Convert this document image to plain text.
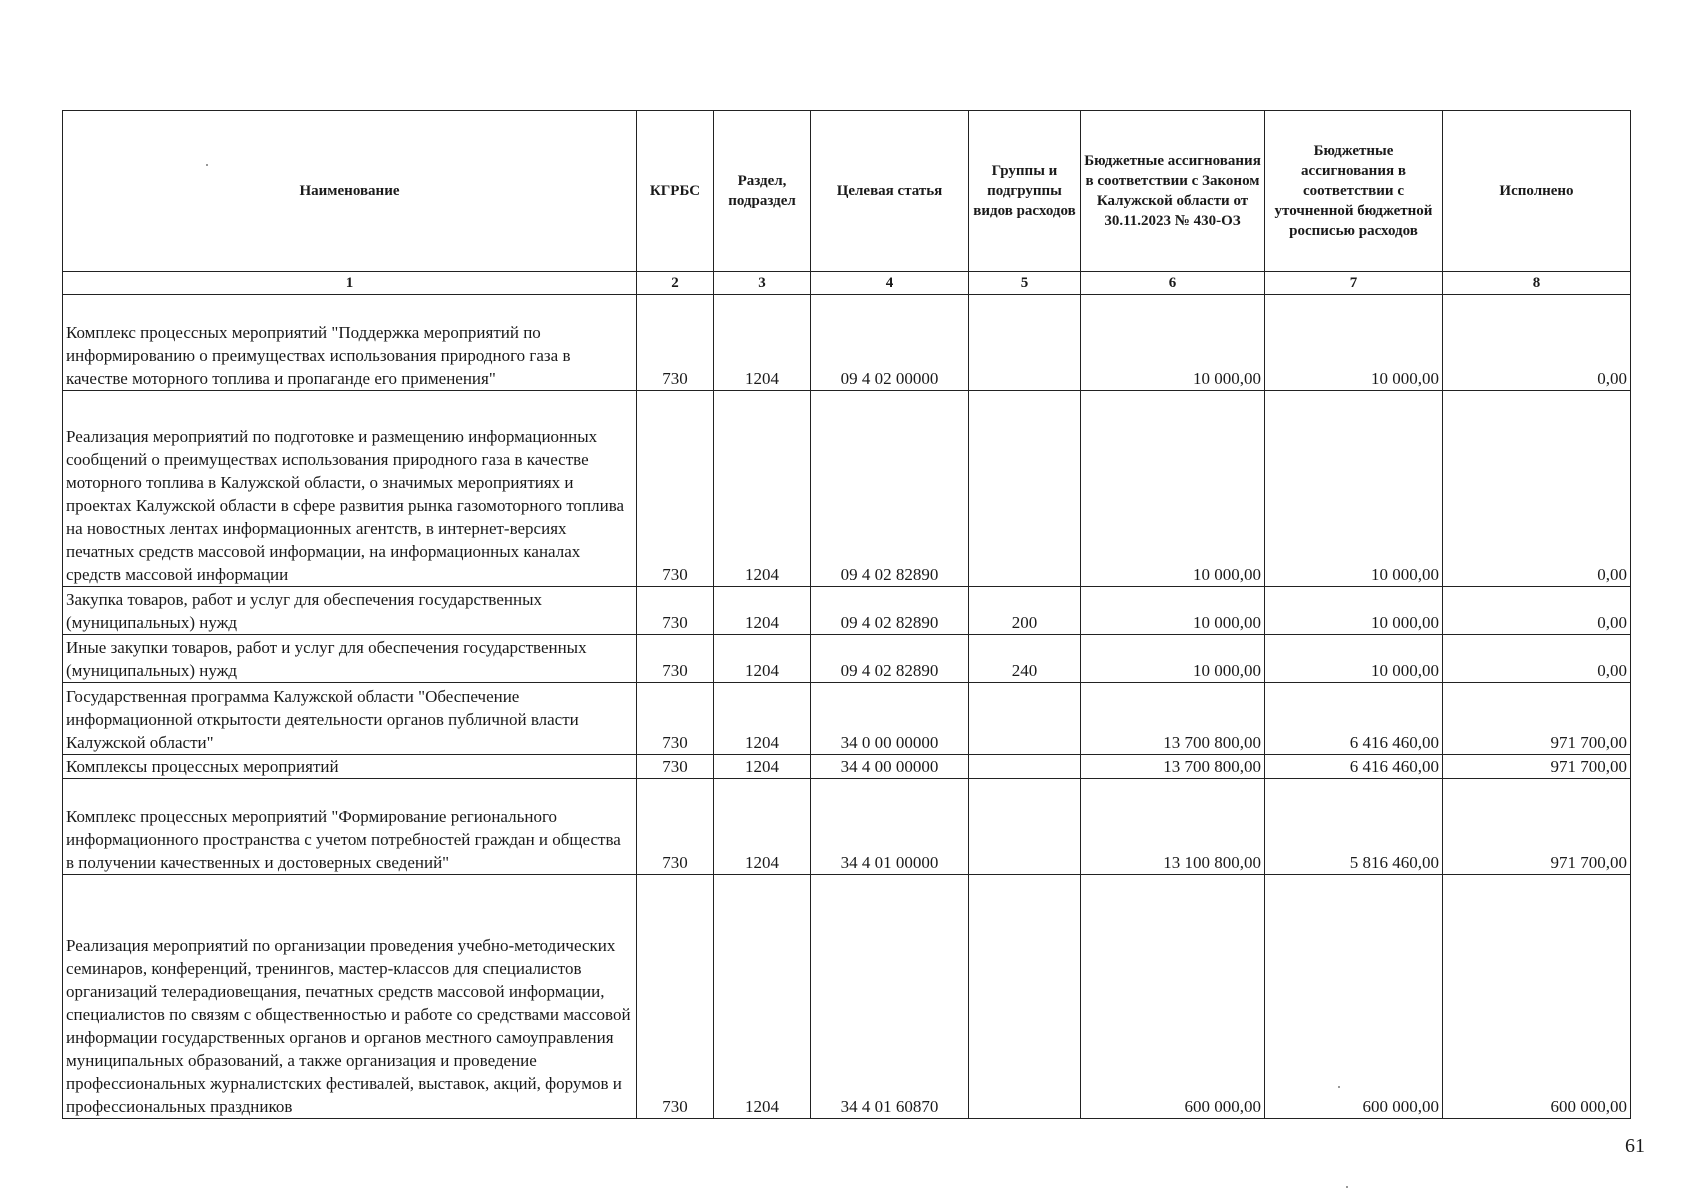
Наименование	КГРБС	Раздел, подраздел	Целевая статья	Группы и подгруппы видов расходов	Бюджетные ассигнования в соответствии с Законом Калужской области от 30.11.2023 № 430-ОЗ	Бюджетные ассигнования в соответствии с уточненной бюджетной росписью расходов	Исполнено
1	2	3	4	5	6	7	8
Комплекс процессных мероприятий "Поддержка мероприятий по информированию о преимуществах использования природного газа в качестве моторного топлива и пропаганде его применения"	730	1204	09 4 02 00000		10 000,00	10 000,00	0,00
Реализация мероприятий по подготовке и размещению информационных сообщений о преимуществах использования природного газа в качестве моторного топлива в Калужской области, о значимых мероприятиях и проектах Калужской области в сфере развития рынка газомоторного топлива на новостных лентах информационных агентств, в интернет-версиях печатных средств массовой информации, на информационных каналах средств массовой информации	730	1204	09 4 02 82890		10 000,00	10 000,00	0,00
Закупка товаров, работ и услуг для обеспечения государственных (муниципальных) нужд	730	1204	09 4 02 82890	200	10 000,00	10 000,00	0,00
Иные закупки товаров, работ и услуг для обеспечения государственных (муниципальных) нужд	730	1204	09 4 02 82890	240	10 000,00	10 000,00	0,00
Государственная программа Калужской области "Обеспечение информационной открытости деятельности органов публичной власти Калужской области"	730	1204	34 0 00 00000		13 700 800,00	6 416 460,00	971 700,00
Комплексы процессных мероприятий	730	1204	34 4 00 00000		13 700 800,00	6 416 460,00	971 700,00
Комплекс процессных мероприятий "Формирование регионального информационного пространства с учетом потребностей граждан и общества в получении качественных и достоверных сведений"	730	1204	34 4 01 00000		13 100 800,00	5 816 460,00	971 700,00
Реализация мероприятий по организации проведения учебно-методических семинаров, конференций, тренингов, мастер-классов для специалистов организаций телерадиовещания, печатных средств массовой информации, специалистов по связям с общественностью и работе со средствами массовой информации государственных органов и органов местного самоуправления муниципальных образований, а также организация и проведение профессиональных журналистских фестивалей, выставок, акций, форумов и профессиональных праздников	730	1204	34 4 01 60870		600 000,00	600 000,00	600 000,00
61
